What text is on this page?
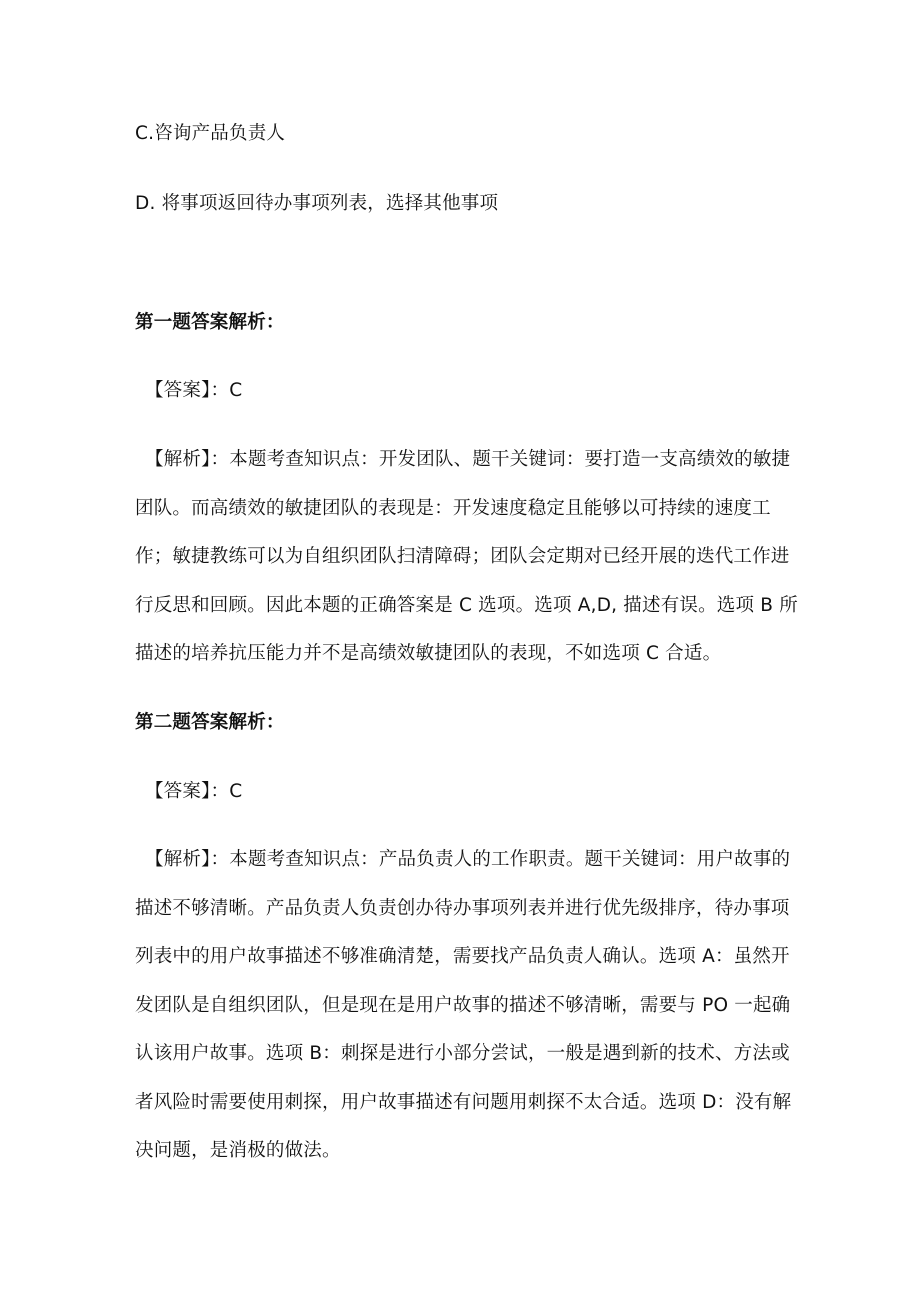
C.咨询产品负责人
D. 将事项返回待办事项列表，选择其他事项
第一题答案解析：
【答案】：C
【解析】：本题考查知识点：开发团队、题干关键词：要打造一支高绩效的敏捷团队。而高绩效的敏捷团队的表现是：开发速度稳定且能够以可持续的速度工作；敏捷教练可以为自组织团队扫清障碍；团队会定期对已经开展的迭代工作进行反思和回顾。因此本题的正确答案是 C 选项。选项 A,D, 描述有误。选项 B 所描述的培养抗压能力并不是高绩效敏捷团队的表现，不如选项 C 合适。
第二题答案解析：
【答案】：C
【解析】：本题考查知识点：产品负责人的工作职责。题干关键词：用户故事的描述不够清晰。产品负责人负责创办待办事项列表并进行优先级排序，待办事项列表中的用户故事描述不够准确清楚，需要找产品负责人确认。选项 A：虽然开发团队是自组织团队，但是现在是用户故事的描述不够清晰，需要与 PO 一起确认该用户故事。选项 B：刺探是进行小部分尝试，一般是遇到新的技术、方法或者风险时需要使用刺探，用户故事描述有问题用刺探不太合适。选项 D：没有解决问题，是消极的做法。
